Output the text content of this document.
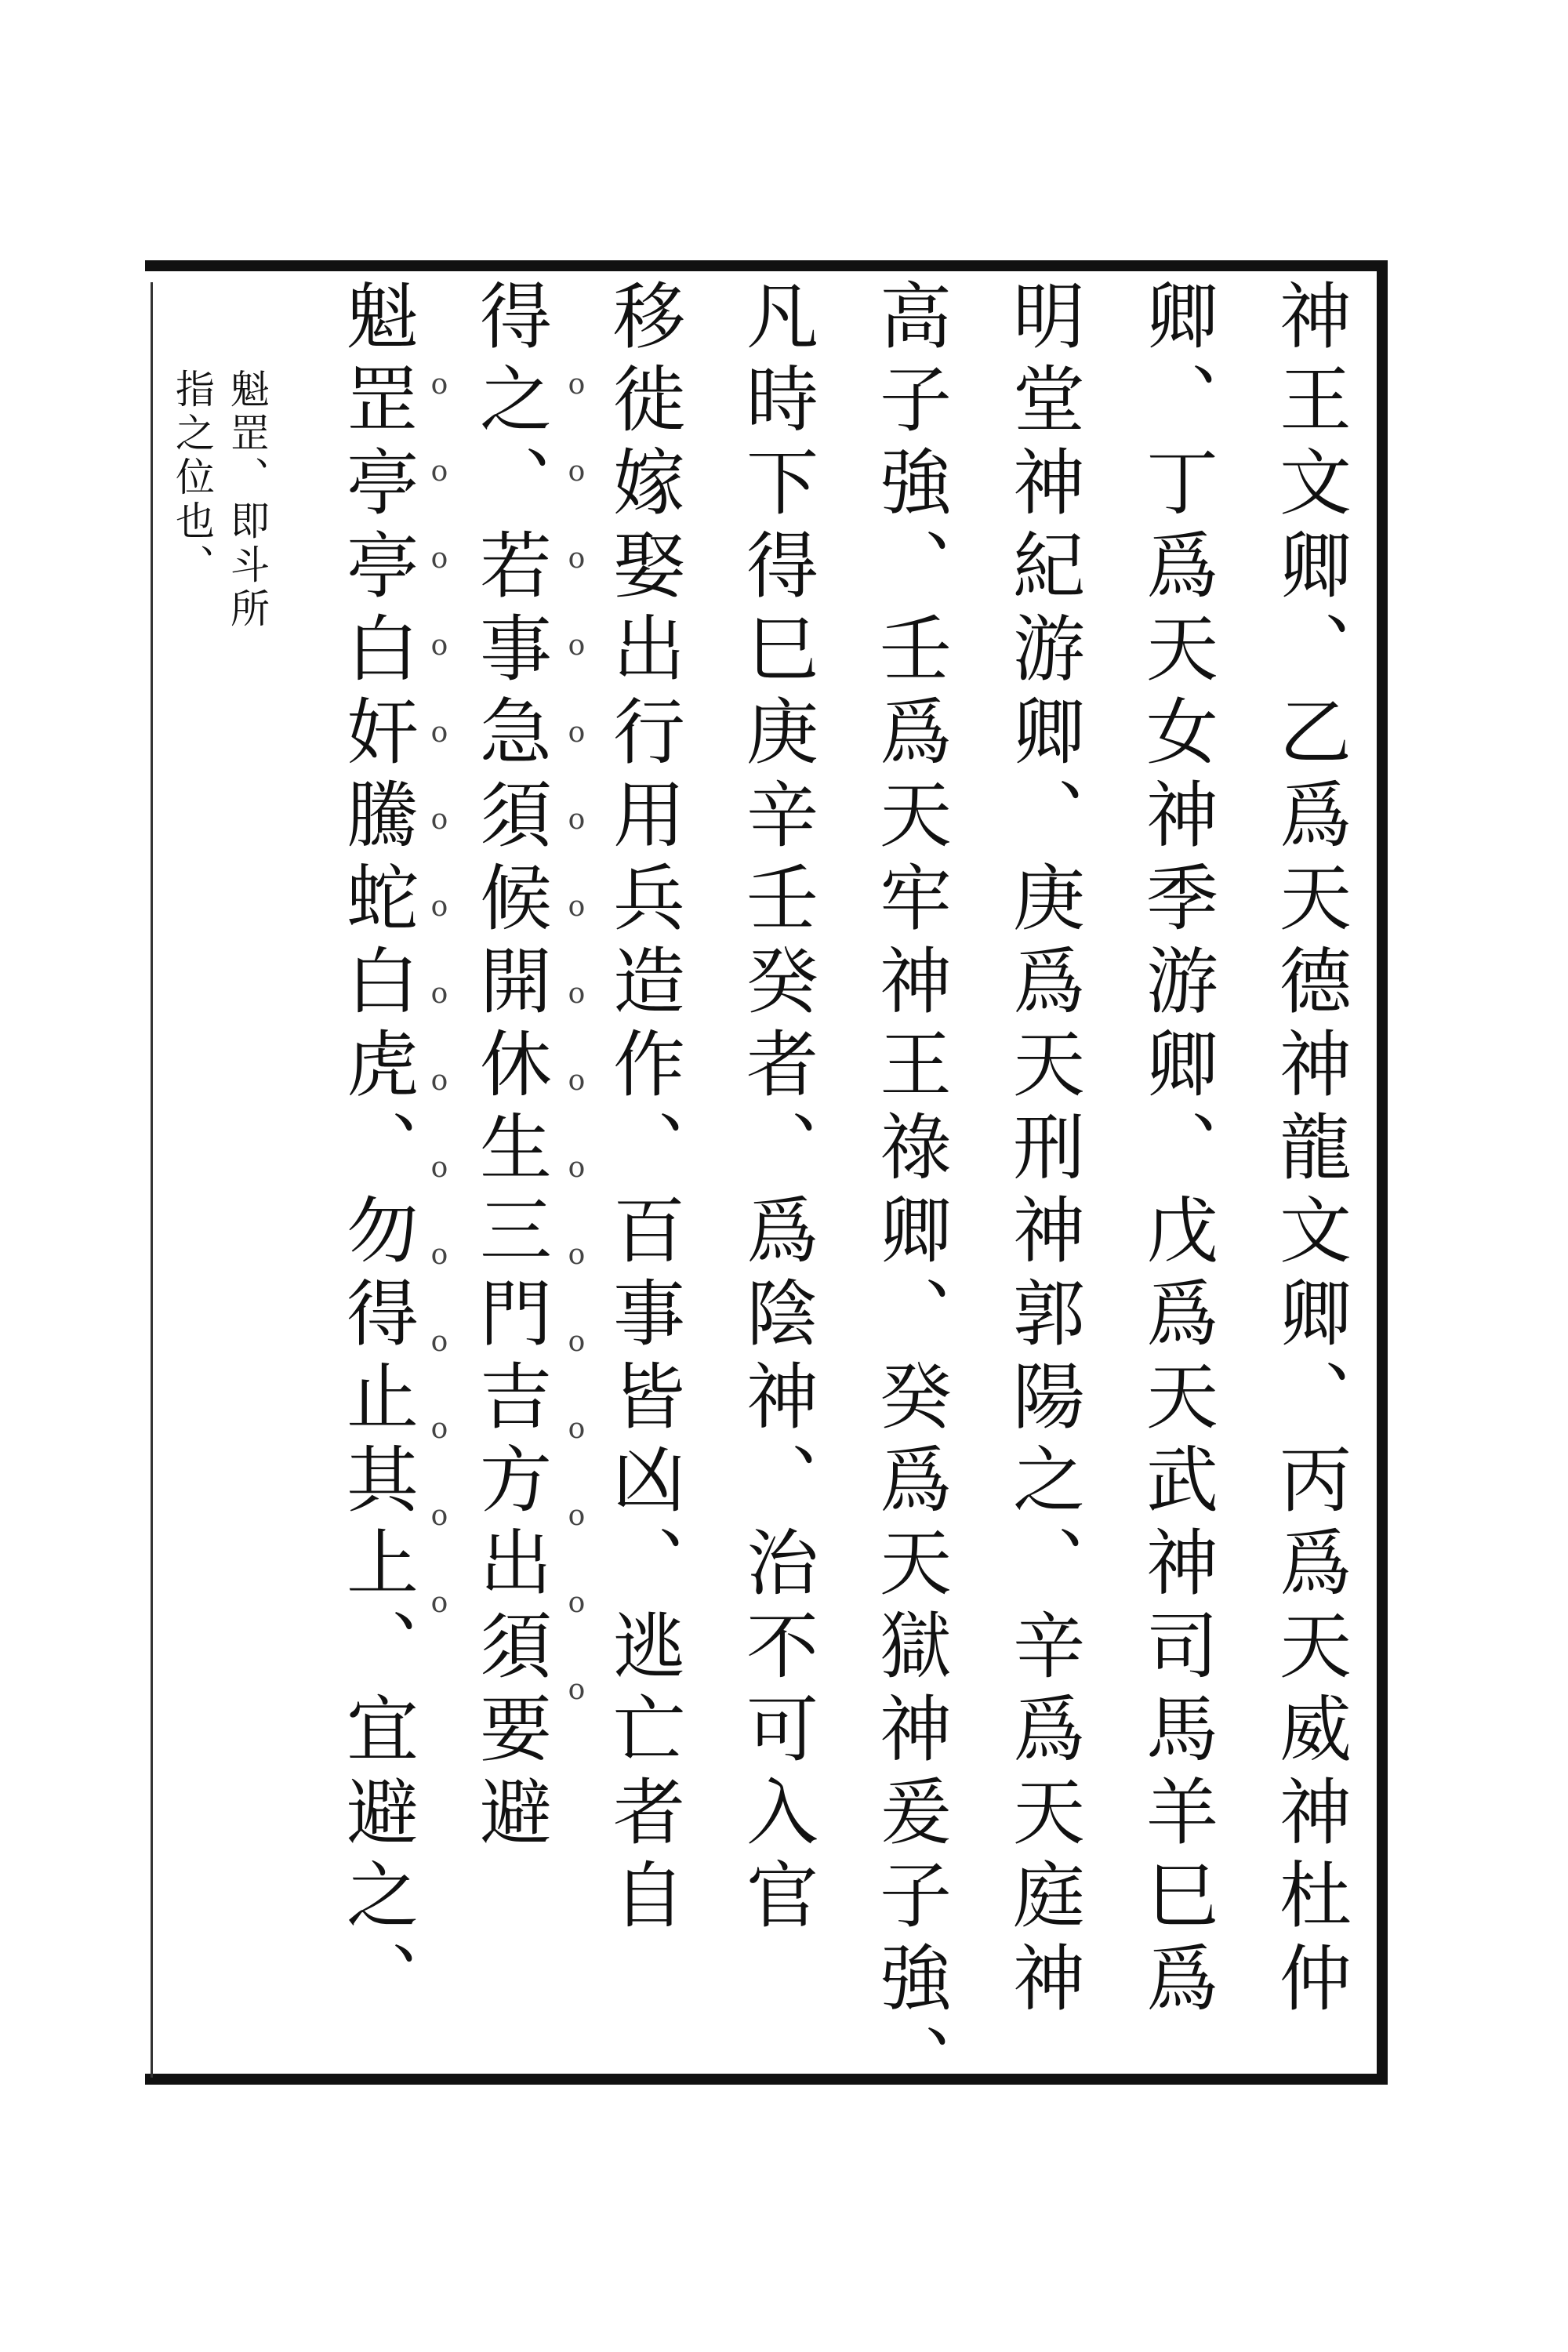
神王文卿、乙爲天德神龍文卿、丙爲天威神杜仲
卿、丁爲天女神季游卿、戊爲天武神司馬羊巳爲
明堂神紀游卿、庚爲天刑神郭陽之、辛爲天庭神
高子強、壬爲天牢神王祿卿、癸爲天獄神爰子強、
凡時下得巳庚辛壬癸者、爲陰神、治不可入官
移徙嫁娶出行用兵造作、百事皆凶、逃亡者自
得之、若事急須候開休生三門吉方出須要避
魁罡亭亭白奸騰蛇白虎、勿得止其上、宜避之、	oooooooooooooooo
ooooooooooooooo
魁罡、即斗所
指之位也、
